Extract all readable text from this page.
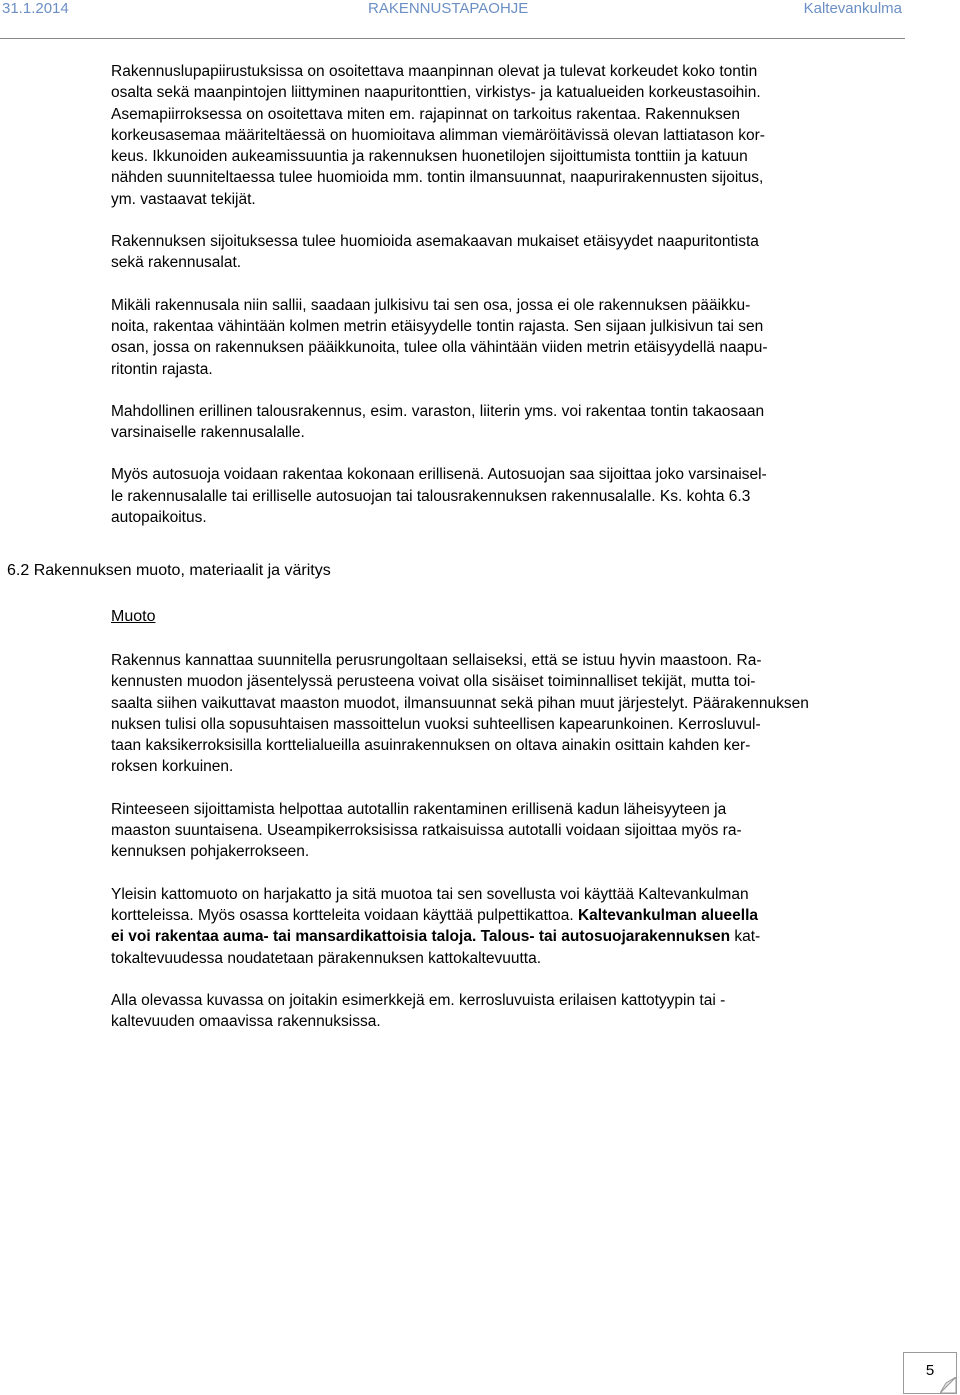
31.1.2014	RAKENNUSTAPAOHJE	Kaltevankulma

Rakennuslupapiirustuksissa on osoitettava maanpinnan olevat ja tulevat korkeudet koko tontin
osalta sekä maanpintojen liittyminen naapuritonttien, virkistys- ja katualueiden korkeustasoihin.
Asemapiirroksessa on osoitettava miten em. rajapinnat on tarkoitus rakentaa. Rakennuksen
korkeusasemaa määriteltäessä on huomioitava alimman viemäröitävissä olevan lattiatason kor-
keus. Ikkunoiden aukeamissuuntia ja rakennuksen huonetilojen sijoittumista tonttiin ja katuun
nähden suunniteltaessa tulee huomioida mm. tontin ilmansuunnat, naapurirakennusten sijoitus,
ym. vastaavat tekijät.

Rakennuksen sijoituksessa tulee huomioida asemakaavan mukaiset etäisyydet naapuritontista
sekä rakennusalat.

Mikäli rakennusala niin sallii, saadaan julkisivu tai sen osa, jossa ei ole rakennuksen pääikku-
noita, rakentaa vähintään kolmen metrin etäisyydelle tontin rajasta. Sen sijaan julkisivun tai sen
osan, jossa on rakennuksen pääikkunoita, tulee olla vähintään viiden metrin etäisyydellä naapu-
ritontin rajasta.

Mahdollinen erillinen talousrakennus, esim. varaston, liiterin yms. voi rakentaa tontin takaosaan
varsinaiselle rakennusalalle.

Myös autosuoja voidaan rakentaa kokonaan erillisenä. Autosuojan saa sijoittaa joko varsinaisel-
le rakennusalalle tai erilliselle autosuojan tai talousrakennuksen rakennusalalle. Ks. kohta 6.3
autopaikoitus.

6.2 Rakennuksen muoto, materiaalit ja väritys
Muoto

Rakennus kannattaa suunnitella perusrungoltaan sellaiseksi, että se istuu hyvin maastoon. Ra-
kennusten muodon jäsentelyssä perusteena voivat olla sisäiset toiminnalliset tekijät, mutta toi-
saalta siihen vaikuttavat maaston muodot, ilmansuunnat sekä pihan muut järjestelyt. Päärakennuksen
nuksen tulisi olla sopusuhtaisen massoittelun vuoksi suhteellisen kapearunkoinen. Kerrosluvul-
taan kaksikerroksisilla korttelialueilla asuinrakennuksen on oltava ainakin osittain kahden ker-
roksen korkuinen.

Rinteeseen sijoittamista helpottaa autotallin rakentaminen erillisenä kadun läheisyyteen ja
maaston suuntaisena. Useampikerroksisissa ratkaisuissa autotalli voidaan sijoittaa myös ra-
kennuksen pohjakerrokseen.

Yleisin kattomuoto on harjakatto ja sitä muotoa tai sen sovellusta voi käyttää Kaltevankulman
kortteleissa. Myös osassa kortteleita voidaan käyttää pulpettikattoa. Kaltevankulman alueella
ei voi rakentaa auma- tai mansardikattoisia taloja. Talous- tai autosuojarakennuksen kat-
tokaltevuudessa noudatetaan pärakennuksen kattokaltevuutta.

Alla olevassa kuvassa on joitakin esimerkkejä em. kerrosluvuista erilaisen kattotyypin tai -
kaltevuuden omaavissa rakennuksissa.

5
